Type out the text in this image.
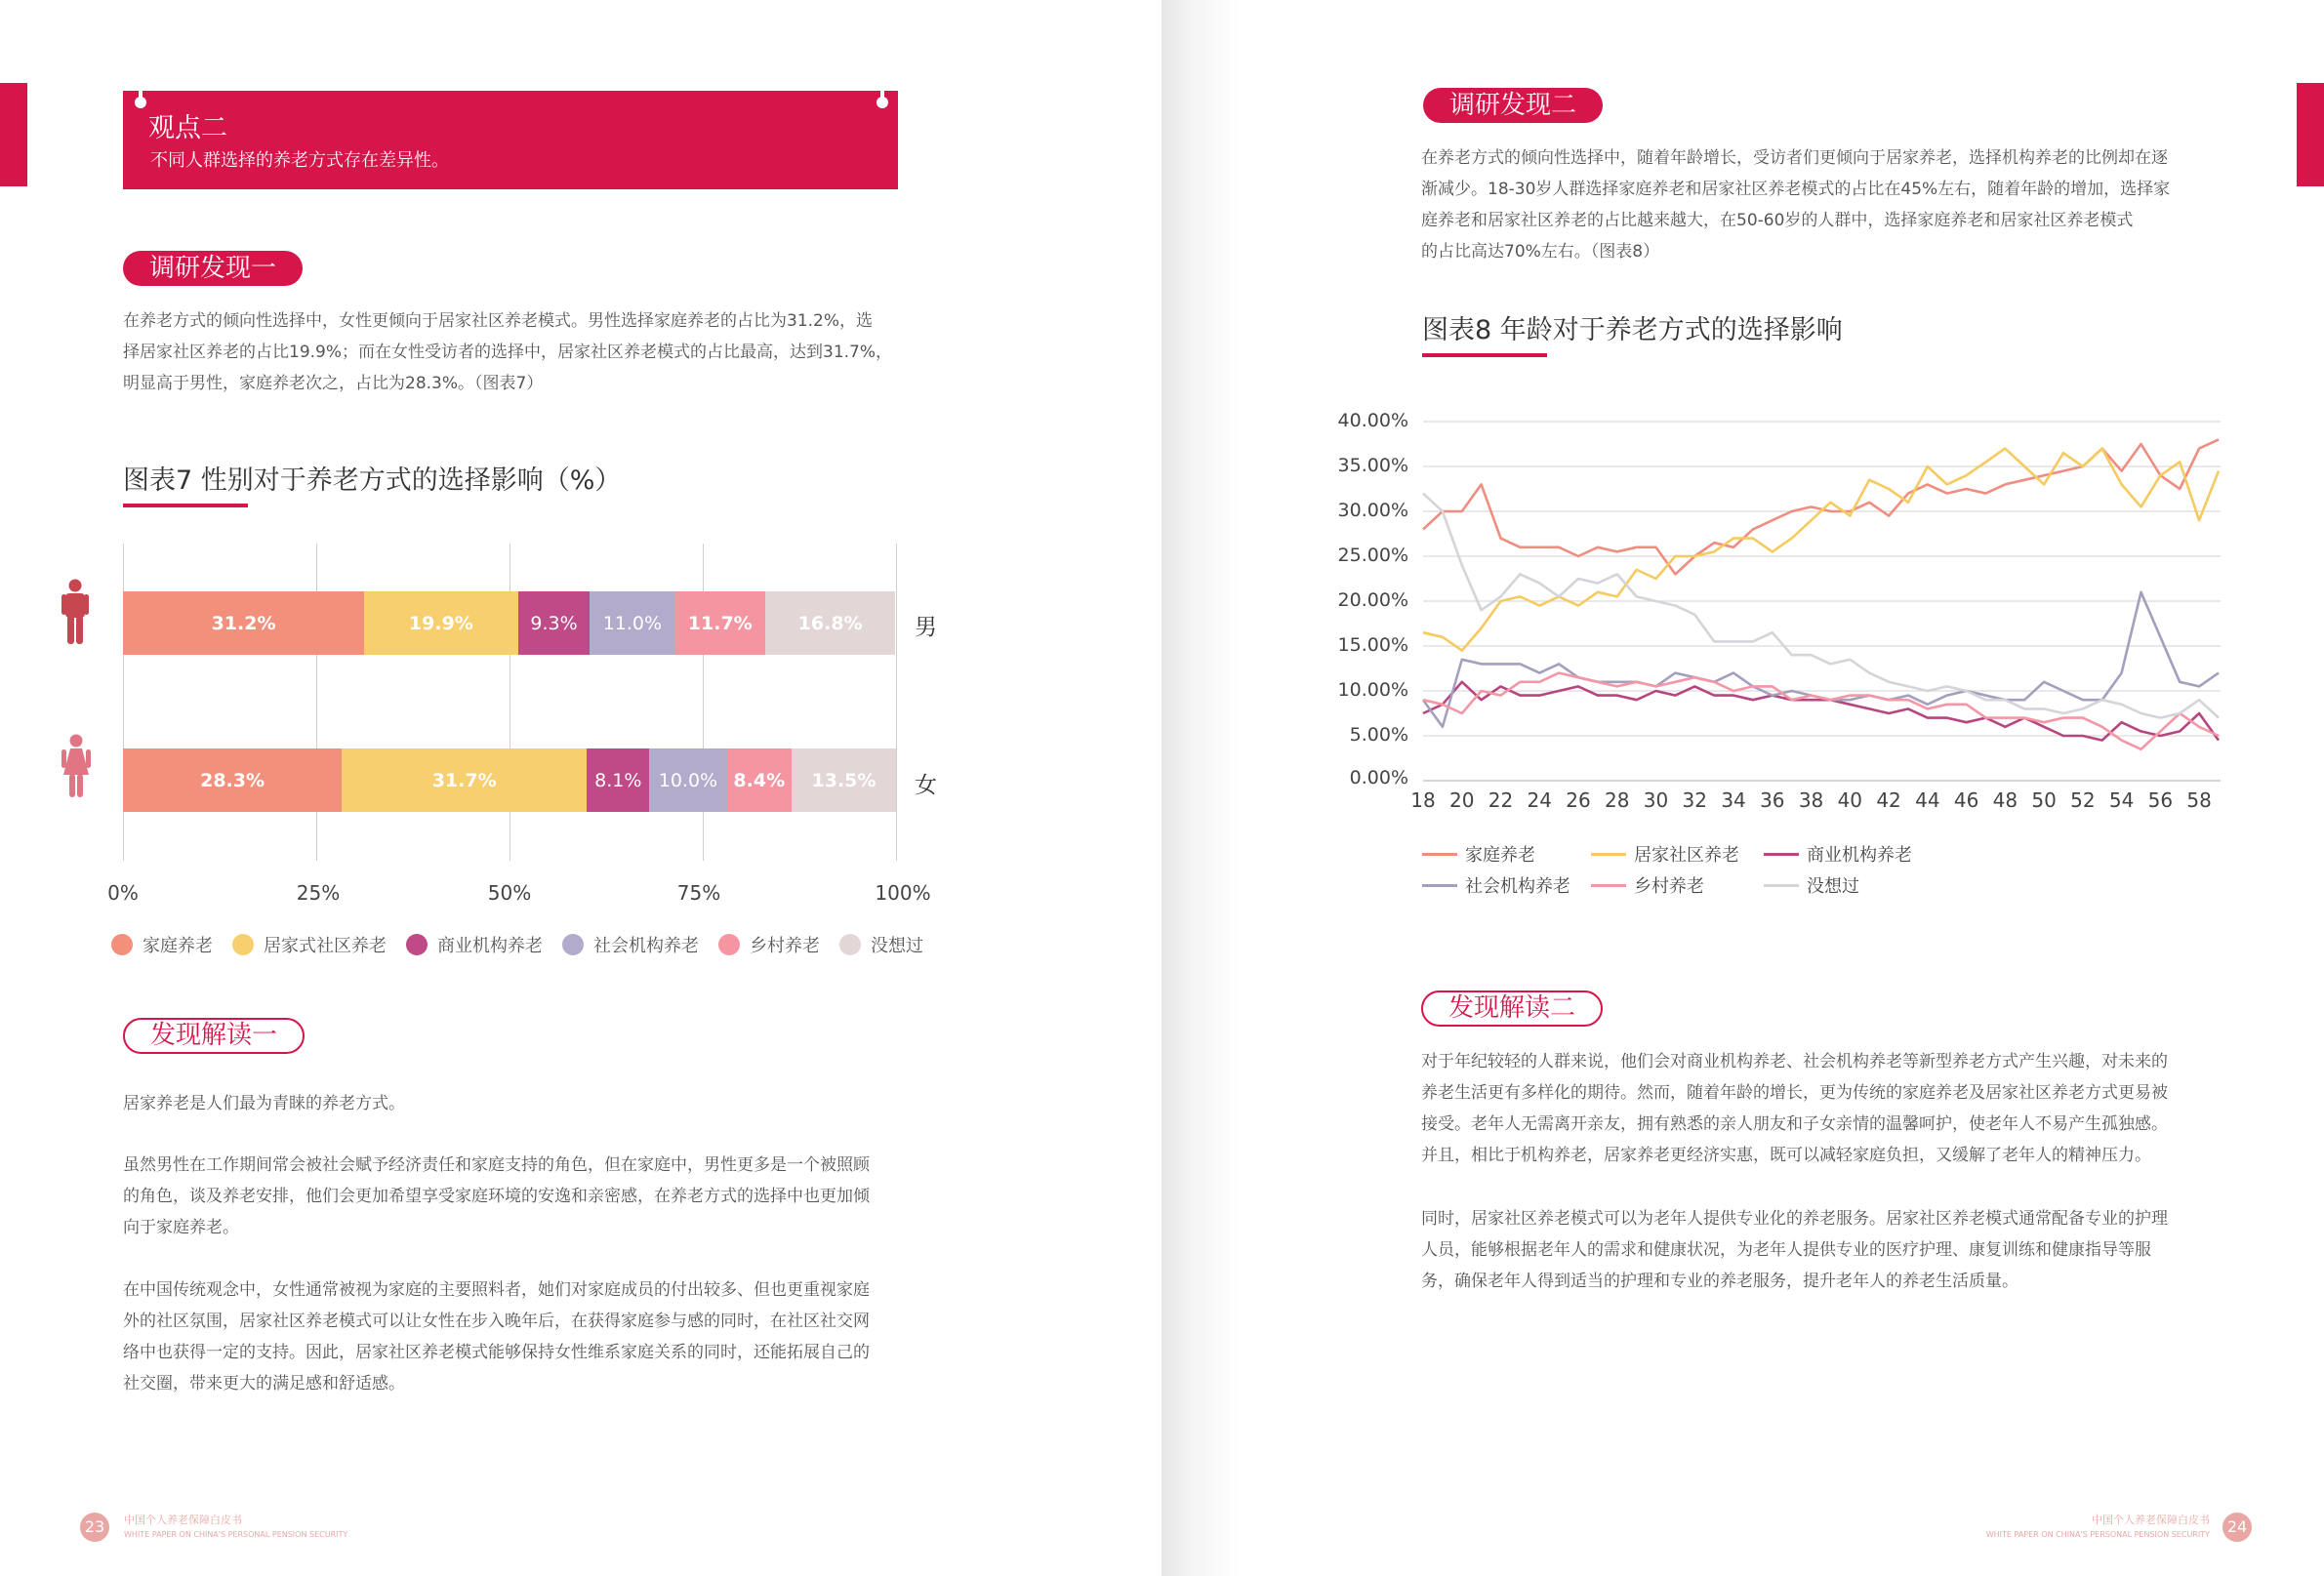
观点二
不同人群选择的养老方式存在差异性。
调研发现一
在养老方式的倾向性选择中，女性更倾向于居家社区养老模式。男性选择家庭养老的占比为31.2%，选
择居家社区养老的占比19.9%；而在女性受访者的选择中，居家社区养老模式的占比最高，达到31.7%，
明显高于男性，家庭养老次之，占比为28.3%。（图表7）
图表7 性别对于养老方式的选择影响（%）
31.2%	19.9%	9.3%	11.0%	11.7%	16.8%
28.3%	31.7%	8.1% 10.0% 8.4%	13.5%
男
女
0%	25%	50%	75%	100%
家庭养老	居家式社区养老	商业机构养老	社会机构养老	乡村养老	没想过
发现解读一
居家养老是人们最为青睐的养老方式。
虽然男性在工作期间常会被社会赋予经济责任和家庭支持的角色，但在家庭中，男性更多是一个被照顾
的角色，谈及养老安排，他们会更加希望享受家庭环境的安逸和亲密感，在养老方式的选择中也更加倾
向于家庭养老。
在中国传统观念中，女性通常被视为家庭的主要照料者，她们对家庭成员的付出较多、但也更重视家庭
外的社区氛围，居家社区养老模式可以让女性在步入晚年后，在获得家庭参与感的同时，在社区社交网
络中也获得一定的支持。因此，居家社区养老模式能够保持女性维系家庭关系的同时，还能拓展自己的
社交圈，带来更大的满足感和舒适感。
23	中国个人养老保障白皮书
WHITE PAPER ON CHINA'S PERSONAL PENSION SECURITY
调研发现二
在养老方式的倾向性选择中，随着年龄增长，受访者们更倾向于居家养老，选择机构养老的比例却在逐
渐减少。18-30岁人群选择家庭养老和居家社区养老模式的占比在45%左右，随着年龄的增加，选择家
庭养老和居家社区养老的占比越来越大，在50-60岁的人群中，选择家庭养老和居家社区养老模式
的占比高达70%左右。（图表8）
图表8 年龄对于养老方式的选择影响
40.00%
35.00%
30.00%
25.00%
20.00%
15.00%
10.00%
5.00%
0.00%
18 20 22 24 26 28 30 32 34 36 38 40 42 44 46 48 50 52 54 56 58
家庭养老	居家社区养老	商业机构养老
社会机构养老	乡村养老	没想过
发现解读二
对于年纪较轻的人群来说，他们会对商业机构养老、社会机构养老等新型养老方式产生兴趣，对未来的
养老生活更有多样化的期待。然而，随着年龄的增长，更为传统的家庭养老及居家社区养老方式更易被
接受。老年人无需离开亲友，拥有熟悉的亲人朋友和子女亲情的温馨呵护，使老年人不易产生孤独感。
并且，相比于机构养老，居家养老更经济实惠，既可以减轻家庭负担，又缓解了老年人的精神压力。
同时，居家社区养老模式可以为老年人提供专业化的养老服务。居家社区养老模式通常配备专业的护理
人员，能够根据老年人的需求和健康状况，为老年人提供专业的医疗护理、康复训练和健康指导等服
务，确保老年人得到适当的护理和专业的养老服务，提升老年人的养老生活质量。
中国个人养老保障白皮书
WHITE PAPER ON CHINA'S PERSONAL PENSION SECURITY	24
